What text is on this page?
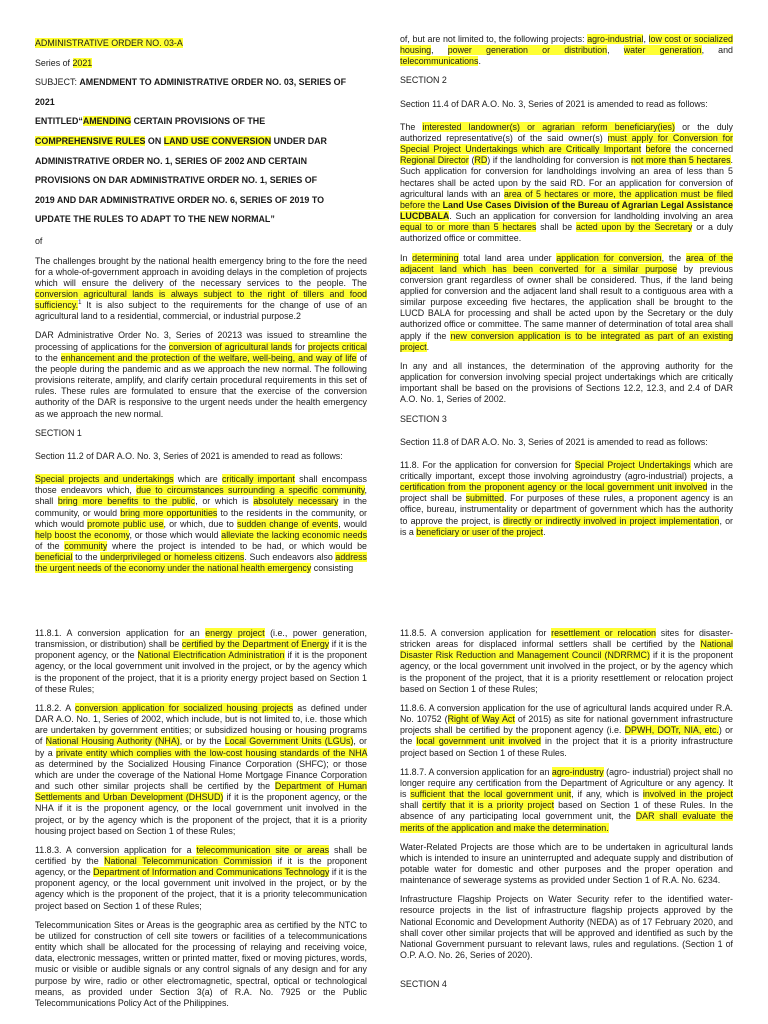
ADMINISTRATIVE ORDER NO. 03-A

Series of 2021

SUBJECT: AMENDMENT TO ADMINISTRATIVE ORDER NO. 03, SERIES OF 2021

ENTITLED“AMENDING CERTAIN PROVISIONS OF THE

COMPREHENSIVE RULES ON LAND USE CONVERSION UNDER DAR

ADMINISTRATIVE ORDER NO. 1, SERIES OF 2002 AND CERTAIN

PROVISIONS ON DAR ADMINISTRATIVE ORDER NO. 1, SERIES OF

2019 AND DAR ADMINISTRATIVE ORDER NO. 6, SERIES OF 2019 TO

UPDATE THE RULES TO ADAPT TO THE NEW NORMAL”

of

The challenges brought by the national health emergency bring to the fore the need for a whole-of-government approach in avoiding delays in the completion of projects which will ensure the delivery of the necessary services to the people. The conversion agricultural lands is always subject to the right of tillers and food sufficiency.$^1$ It is also subject to the requirements for the change of use of an agricultural land to a residential, commercial, or industrial purpose.2

DAR Administrative Order No. 3, Series of 20213 was issued to streamline the processing of applications for the conversion of agricultural lands for projects critical to the enhancement and the protection of the welfare, well-being, and way of life of the people during the pandemic and as we approach the new normal. The following provisions reiterate, amplify, and clarify certain procedural requirements in this set of rules. These rules are formulated to ensure that the exercise of the conversion authority of the DAR is responsive to the urgent needs under the health emergency as we approach the new normal.

SECTION 1

Section 11.2 of DAR A.O. No. 3, Series of 2021 is amended to read as follows:

Special projects and undertakings which are critically important shall encompass those endeavors which, due to circumstances surrounding a specific community, shall bring more benefits to the public, or which is absolutely necessary in the community, or would bring more opportunities to the residents in the community, or which would promote public use, or which, due to sudden change of events, would help boost the economy, or those which would alleviate the lacking economic needs of the community where the project is intended to be had, or which would be beneficial to the underprivileged or homeless citizens. Such endeavors also address the urgent needs of the economy under the national health emergency consisting

of, but are not limited to, the following projects: agro-industrial, low cost or socialized housing, power generation or distribution, water generation, and telecommunications.

SECTION 2

Section 11.4 of DAR A.O. No. 3, Series of 2021 is amended to read as follows:

The interested landowner(s) or agrarian reform beneficiary(ies) or the duly authorized representative(s) of the said owner(s) must apply for Conversion for Special Project Undertakings which are Critically Important before the concerned Regional Director (RD) if the landholding for conversion is not more than 5 hectares. Such application for conversion for landholdings involving an area of less than 5 hectares shall be acted upon by the said RD. For an application for conversion of agricultural lands with an area of 5 hectares or more, the application must be filed before the Land Use Cases Division of the Bureau of Agrarian Legal Assistance LUCDBALA. Such an application for conversion for landholding involving an area equal to or more than 5 hectares shall be acted upon by the Secretary or a duly authorized office or committee.

In determining total land area under application for conversion, the area of the adjacent land which has been converted for a similar purpose by previous conversion grant regardless of owner shall be considered. Thus, if the land being applied for conversion and the adjacent land shall result to a contiguous area with a similar purpose exceeding five hectares, the application shall be brought to the LUCD BALA for processing and shall be acted upon by the Secretary or the duly authorized office or committee. The same manner of determination of total area shall apply if the new conversion application is to be integrated as part of an existing project.

In any and all instances, the determination of the approving authority for the application for conversion involving special project undertakings which are critically important shall be based on the provisions of Sections 12.2, 12.3, and 2.4 of DAR A.O. No. 1, Series of 2002.

SECTION 3

Section 11.8 of DAR A.O. No. 3, Series of 2021 is amended to read as follows:

11.8. For the application for conversion for Special Project Undertakings which are critically important, except those involving agroindustry (agro-industrial) projects, a certification from the proponent agency or the local government unit involved in the project shall be submitted. For purposes of these rules, a proponent agency is an office, bureau, instrumentality or department of government which has the authority to approve the project, is directly or indirectly involved in project implementation, or is a beneficiary or user of the project.

11.8.1. A conversion application for an energy project (i.e., power generation, transmission, or distribution) shall be certified by the Department of Energy if it is the proponent agency, or the National Electrification Administration if it is the proponent agency, or the local government unit involved in the project, or by the agency which is the proponent of the project, that it is a priority energy project based on Section 1 of these Rules;

11.8.2. A conversion application for socialized housing projects as defined under DAR A.O. No. 1, Series of 2002, which include, but is not limited to, i.e. those which are undertaken by government entities; or subsidized housing or housing programs of National Housing Authority (NHA), or by the Local Government Units (LGUs), or by a private entity which complies with the low-cost housing standards of the NHA as determined by the Socialized Housing Finance Corporation (SHFC); or those which are under the coverage of the National Home Mortgage Finance Corporation and such other similar projects shall be certified by the Department of Human Settlements and Urban Development (DHSUD) if it is the proponent agency, or the NHA if it is the proponent agency, or the local government unit involved in the project, or by the agency which is the proponent of the project, that it is a priority housing project based on Section 1 of these Rules;

11.8.3. A conversion application for a telecommunication site or areas shall be certified by the National Telecommunication Commission if it is the proponent agency, or the Department of Information and Communications Technology if it is the proponent agency, or the local government unit involved in the project, or by the agency which is the proponent of the project, that it is a priority telecommunication project based on Section 1 of these Rules;

Telecommunication Sites or Areas is the geographic area as certified by the NTC to be utilized for construction of cell site towers or facilities of a telecommunications entity which shall be allocated for the processing of relaying and receiving voice, data, electronic messages, written or printed matter, fixed or moving pictures, words, music or visible or audible signals or any control signals of any design and for any purpose by wire, radio or other electromagnetic, spectral, optical or technological means, as provided under Section 3(a) of R.A. No. 7925 or the Public Telecommunications Policy Act of the Philippines.

11.8.5. A conversion application for resettlement or relocation sites for disaster-stricken areas for displaced informal settlers shall be certified by the National Disaster Risk Reduction and Management Council (NDRRMC) if it is the proponent agency, or the local government unit involved in the project, or by the agency which is the proponent of the project, that it is a priority resettlement or relocation project based on Section 1 of these Rules;

11.8.6. A conversion application for the use of agricultural lands acquired under R.A. No. 10752 (Right of Way Act of 2015) as site for national government infrastructure projects shall be certified by the proponent agency (i.e. DPWH, DOTr, NIA, etc.) or the local government unit involved in the project that it is a priority infrastructure project based on Section 1 of these Rules.

11.8.7. A conversion application for an agro-industry (agro- industrial) project shall no longer require any certification from the Department of Agriculture or any agency. It is sufficient that the local government unit, if any, which is involved in the project shall certify that it is a priority project based on Section 1 of these Rules. In the absence of any participating local government unit, the DAR shall evaluate the merits of the application and make the determination.

Water-Related Projects are those which are to be undertaken in agricultural lands which is intended to insure an uninterrupted and adequate supply and distribution of potable water for domestic and other purposes and the proper operation and maintenance of sewerage systems as provided under Section 1 of R.A. No. 6234.

Infrastructure Flagship Projects on Water Security refer to the identified water-resource projects in the list of infrastructure flagship projects approved by the National Economic and Development Authority (NEDA) as of 17 February 2020, and shall cover other similar projects that will be approved and identified as such by the National Government pursuant to relevant laws, rules and regulations. (Section 1 of O.P. A.O. No. 26, Series of 2020).

SECTION 4
